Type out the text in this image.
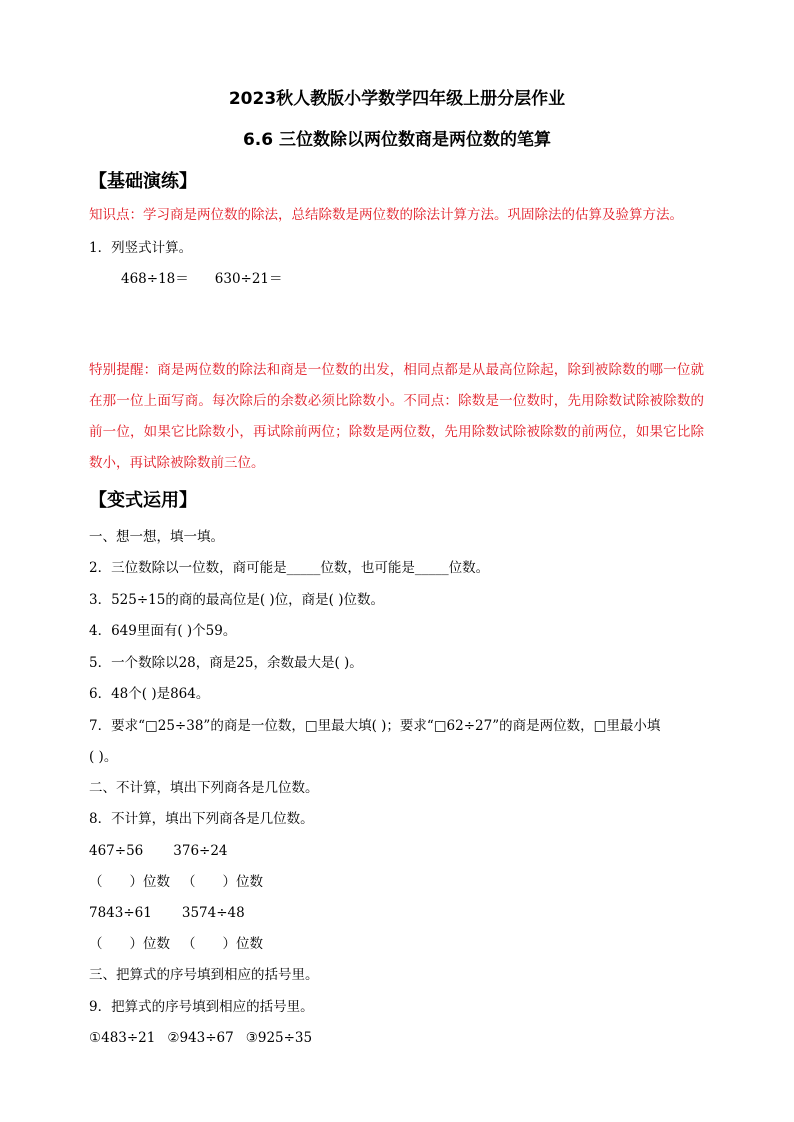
2023秋人教版小学数学四年级上册分层作业
6.6 三位数除以两位数商是两位数的笔算
【基础演练】
知识点：学习商是两位数的除法，总结除数是两位数的除法计算方法。巩固除法的估算及验算方法。
1．列竖式计算。
468÷18＝ 630÷21＝
特别提醒：商是两位数的除法和商是一位数的出发，相同点都是从最高位除起，除到被除数的哪一位就在那一位上面写商。每次除后的余数必须比除数小。不同点：除数是一位数时，先用除数试除被除数的前一位，如果它比除数小，再试除前两位；除数是两位数，先用除数试除被除数的前两位，如果它比除数小，再试除被除数前三位。
【变式运用】
一、想一想，填一填。
2．三位数除以一位数，商可能是_____位数，也可能是_____位数。
3．525÷15的商的最高位是( )位，商是( )位数。
4．649里面有( )个59。
5．一个数除以28，商是25，余数最大是( )。
6．48个( )是864。
7．要求“□25÷38”的商是一位数，□里最大填( )；要求“□62÷27”的商是两位数，□里最小填
( )。
二、不计算，填出下列商各是几位数。
8．不计算，填出下列商各是几位数。
467÷56 376÷24
（　　）位数 （　　）位数
7843÷61 3574÷48
（　　）位数 （　　）位数
三、把算式的序号填到相应的括号里。
9．把算式的序号填到相应的括号里。
①483÷21 ②943÷67 ③925÷35
